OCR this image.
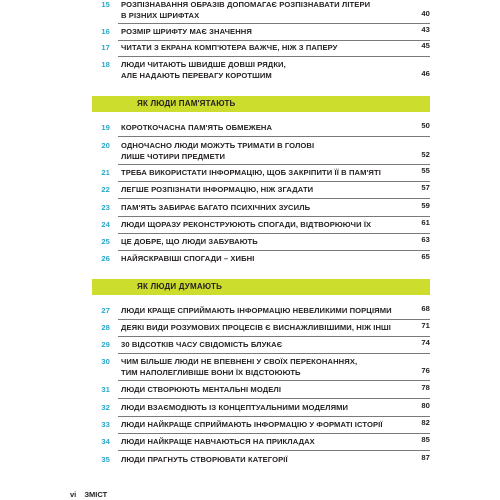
15	РОЗПІЗНАВАННЯ ОБРАЗІВ ДОПОМАГАЄ РОЗПІЗНАВАТИ ЛІТЕРИ
В РІЗНИХ ШРИФТАХ	40
16	РОЗМІР ШРИФТУ МАЄ ЗНАЧЕННЯ	43
17	ЧИТАТИ З ЕКРАНА КОМП'ЮТЕРА ВАЖЧЕ, НІЖ З ПАПЕРУ	45
18	ЛЮДИ ЧИТАЮТЬ ШВИДШЕ ДОВШІ РЯДКИ,
АЛЕ НАДАЮТЬ ПЕРЕВАГУ КОРОТШИМ	46
ЯК ЛЮДИ ПАМ'ЯТАЮТЬ
19	КОРОТКОЧАСНА ПАМ'ЯТЬ ОБМЕЖЕНА	50
20	ОДНОЧАСНО ЛЮДИ МОЖУТЬ ТРИМАТИ В ГОЛОВІ
ЛИШЕ ЧОТИРИ ПРЕДМЕТИ	52
21	ТРЕБА ВИКОРИСТАТИ ІНФОРМАЦІЮ, ЩОБ ЗАКРІПИТИ ЇЇ В ПАМ'ЯТІ	55
22	ЛЕГШЕ РОЗПІЗНАТИ ІНФОРМАЦІЮ, НІЖ ЗГАДАТИ	57
23	ПАМ'ЯТЬ ЗАБИРАЄ БАГАТО ПСИХІЧНИХ ЗУСИЛЬ	59
24	ЛЮДИ ЩОРАЗУ РЕКОНСТРУЮЮТЬ СПОГАДИ, ВІДТВОРЮЮЧИ ЇХ	61
25	ЦЕ ДОБРЕ, ЩО ЛЮДИ ЗАБУВАЮТЬ	63
26	НАЙЯСКРАВІШІ СПОГАДИ – ХИБНІ	65
ЯК ЛЮДИ ДУМАЮТЬ
27	ЛЮДИ КРАЩЕ СПРИЙМАЮТЬ ІНФОРМАЦІЮ НЕВЕЛИКИМИ ПОРЦІЯМИ	68
28	ДЕЯКІ ВИДИ РОЗУМОВИХ ПРОЦЕСІВ Є ВИСНАЖЛИВІШИМИ, НІЖ ІНШІ	71
29	30 ВІДСОТКІВ ЧАСУ СВІДОМІСТЬ БЛУКАЄ	74
30	ЧИМ БІЛЬШЕ ЛЮДИ НЕ ВПЕВНЕНІ У СВОЇХ ПЕРЕКОНАННЯХ,
ТИМ НАПОЛЕГЛИВІШЕ ВОНИ ЇХ ВІДСТОЮЮТЬ	76
31	ЛЮДИ СТВОРЮЮТЬ МЕНТАЛЬНІ МОДЕЛІ	78
32	ЛЮДИ ВЗАЄМОДІЮТЬ ІЗ КОНЦЕПТУАЛЬНИМИ МОДЕЛЯМИ	80
33	ЛЮДИ НАЙКРАЩЕ СПРИЙМАЮТЬ ІНФОРМАЦІЮ У ФОРМАТІ ІСТОРІЇ	82
34	ЛЮДИ НАЙКРАЩЕ НАВЧАЮТЬСЯ НА ПРИКЛАДАХ	85
35	ЛЮДИ ПРАГНУТЬ СТВОРЮВАТИ КАТЕГОРІЇ	87
vi ЗМІСТ
